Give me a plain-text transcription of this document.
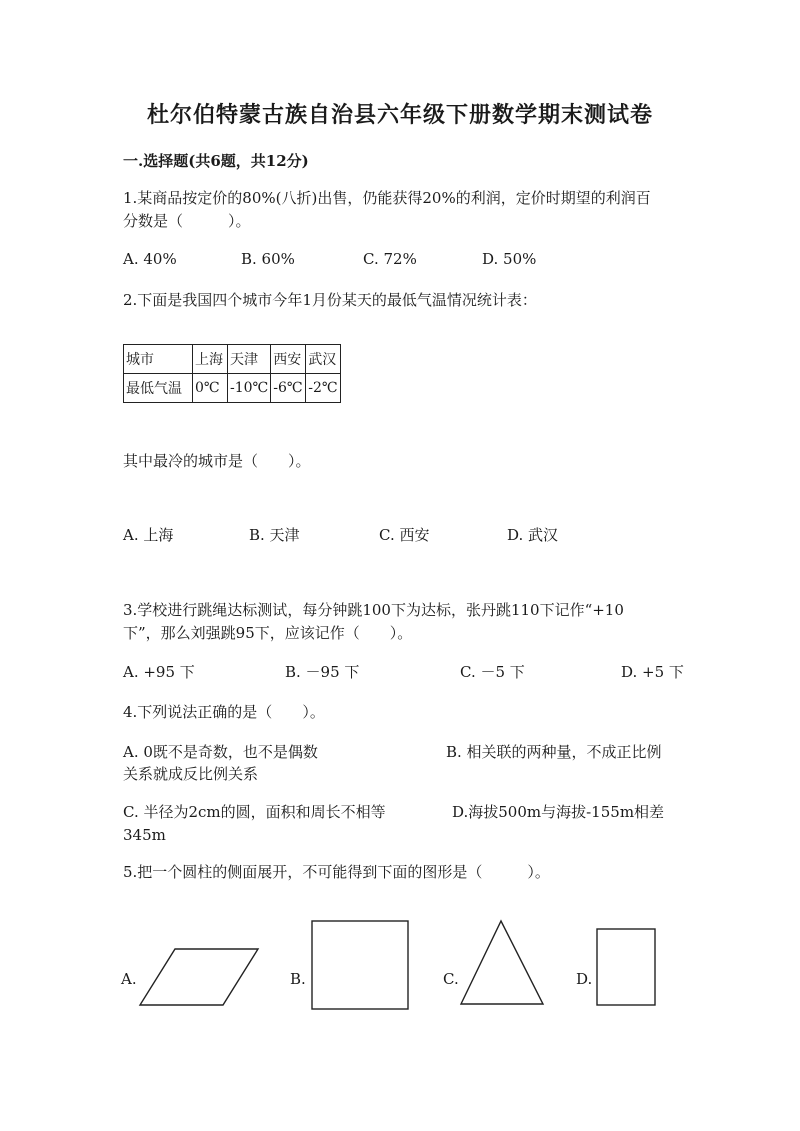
杜尔伯特蒙古族自治县六年级下册数学期末测试卷
一.选择题(共6题，共12分)
1.某商品按定价的80%(八折)出售，仍能获得20%的利润，定价时期望的利润百
分数是（　　　）。
A. 40%	B. 60%	C. 72%	D. 50%
2.下面是我国四个城市今年1月份某天的最低气温情况统计表：
城市	上海	天津	西安	武汉
最低气温	0℃	-10℃	-6℃	-2℃
其中最冷的城市是（　　）。
A. 上海	B. 天津	C. 西安	D. 武汉
3.学校进行跳绳达标测试，每分钟跳100下为达标，张丹跳110下记作“+10
下”，那么刘强跳95下，应该记作（　　）。
A. +95 下	B. －95 下	C. －5 下	D. +5 下
4.下列说法正确的是（　　）。
A. 0既不是奇数，也不是偶数	B. 相关联的两种量，不成正比例
关系就成反比例关系
C. 半径为2cm的圆，面积和周长不相等	D.海拔500m与海拔-155m相差
345m
5.把一个圆柱的侧面展开，不可能得到下面的图形是（　　　）。
A.	B.	C.	D.
